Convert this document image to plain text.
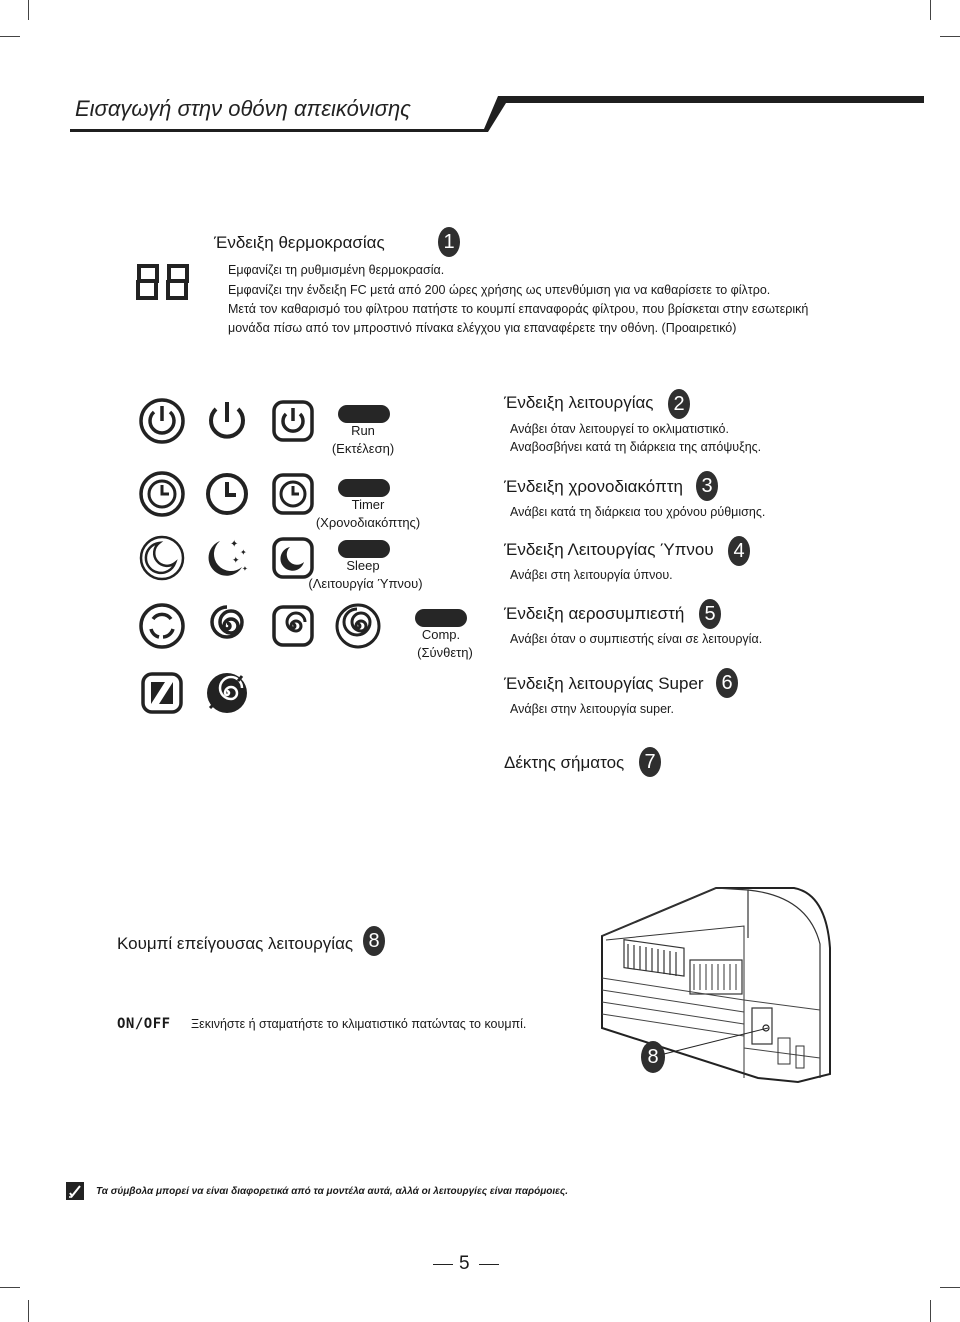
Εισαγωγή στην οθόνη απεικόνισης
Ένδειξη θερμοκρασίας	1
Εμφανίζει τη ρυθμισμένη θερμοκρασία.
Εμφανίζει την ένδειξη FC μετά από 200 ώρες χρήσης ως υπενθύμιση για να καθαρίσετε το φίλτρο.
Μετά τον καθαρισμό του φίλτρου πατήστε το κουμπί επαναφοράς φίλτρου, που βρίσκεται στην εσωτερική
μονάδα πίσω από τον μπροστινό πίνακα ελέγχου για επαναφέρετε την οθόνη. (Προαιρετικό)
Run
(Εκτέλεση)
Timer
(Χρονοδιακόπτης)
✦
✦
✦
✦	Sleep
(Λειτουργία Ύπνου)
Comp.
(Σύνθετη)
Ένδειξη λειτουργίας 2
Ανάβει όταν λειτουργεί το οκλιματιστικό.
Αναβοσβήνει κατά τη διάρκεια της απόψυξης.
Ένδειξη χρονοδιακόπτη 3
Ανάβει κατά τη διάρκεια του χρόνου ρύθμισης.
Ένδειξη Λειτουργίας Ύπνου 4
Ανάβει στη λειτουργία ύπνου.
Ένδειξη αεροσυμπιεστή 5
Ανάβει όταν ο συμπιεστής είναι σε λειτουργία.
Ένδειξη λειτουργίας Super 6
Ανάβει στην λειτουργία super.
Δέκτης σήματος 7
Κουμπί επείγουσας λειτουργίας 8
ON/OFF Ξεκινήστε ή σταματήστε το κλιματιστικό πατώντας το κουμπί.
8
Τα σύμβολα μπορεί να είναι διαφορετικά από τα μοντέλα αυτά, αλλά οι λειτουργίες είναι παρόμοιες.
5
